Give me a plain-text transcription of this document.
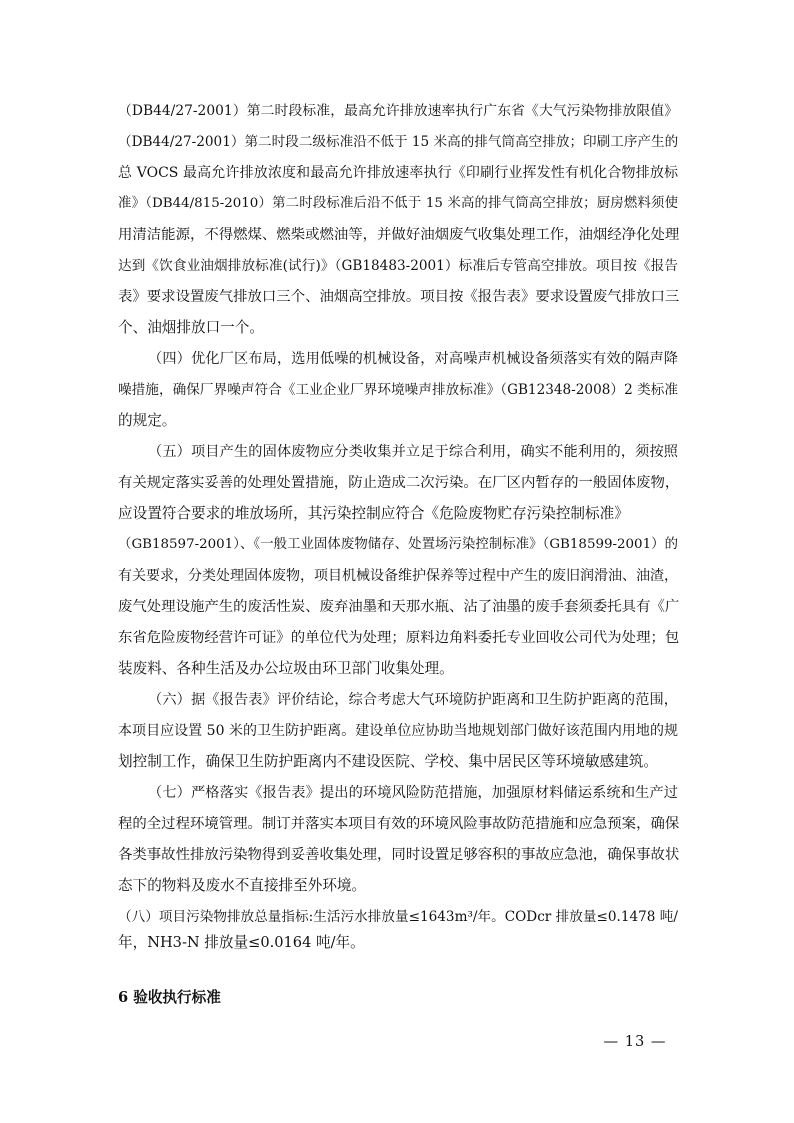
（DB44/27-2001）第二时段标准，最高允许排放速率执行广东省《大气污染物排放限值》
（DB44/27-2001）第二时段二级标准沿不低于 15 米高的排气筒高空排放；印刷工序产生的
总 VOCS 最高允许排放浓度和最高允许排放速率执行《印刷行业挥发性有机化合物排放标
准》（DB44/815-2010）第二时段标准后沿不低于 15 米高的排气筒高空排放；厨房燃料须使
用清洁能源，不得燃煤、燃柴或燃油等，并做好油烟废气收集处理工作，油烟经净化处理
达到《饮食业油烟排放标准(试行)》（GB18483-2001）标准后专管高空排放。项目按《报告
表》要求设置废气排放口三个、油烟高空排放。项目按《报告表》要求设置废气排放口三
个、油烟排放口一个。
（四）优化厂区布局，选用低噪的机械设备，对高噪声机械设备须落实有效的隔声降
噪措施，确保厂界噪声符合《工业企业厂界环境噪声排放标准》（GB12348-2008）2 类标准
的规定。
（五）项目产生的固体废物应分类收集并立足于综合利用，确实不能利用的，须按照
有关规定落实妥善的处理处置措施，防止造成二次污染。在厂区内暂存的一般固体废物，
应设置符合要求的堆放场所，其污染控制应符合《危险废物贮存污染控制标准》
（GB18597-2001）、《一般工业固体废物储存、处置场污染控制标准》（GB18599-2001）的
有关要求，分类处理固体废物，项目机械设备维护保养等过程中产生的废旧润滑油、油渣，
废气处理设施产生的废活性炭、废弃油墨和天那水瓶、沾了油墨的废手套须委托具有《广
东省危险废物经营许可证》的单位代为处理；原料边角料委托专业回收公司代为处理；包
装废料、各种生活及办公垃圾由环卫部门收集处理。
（六）据《报告表》评价结论，综合考虑大气环境防护距离和卫生防护距离的范围，
本项目应设置 50 米的卫生防护距离。建设单位应协助当地规划部门做好该范围内用地的规
划控制工作，确保卫生防护距离内不建设医院、学校、集中居民区等环境敏感建筑。
（七）严格落实《报告表》提出的环境风险防范措施，加强原材料储运系统和生产过
程的全过程环境管理。制订并落实本项目有效的环境风险事故防范措施和应急预案，确保
各类事故性排放污染物得到妥善收集处理，同时设置足够容积的事故应急池，确保事故状
态下的物料及废水不直接排至外环境。
（八）项目污染物排放总量指标:生活污水排放量≤1643m³/年。CODcr 排放量≤0.1478 吨/
年，NH3-N 排放量≤0.0164 吨/年。
6 验收执行标准
— 13 —
